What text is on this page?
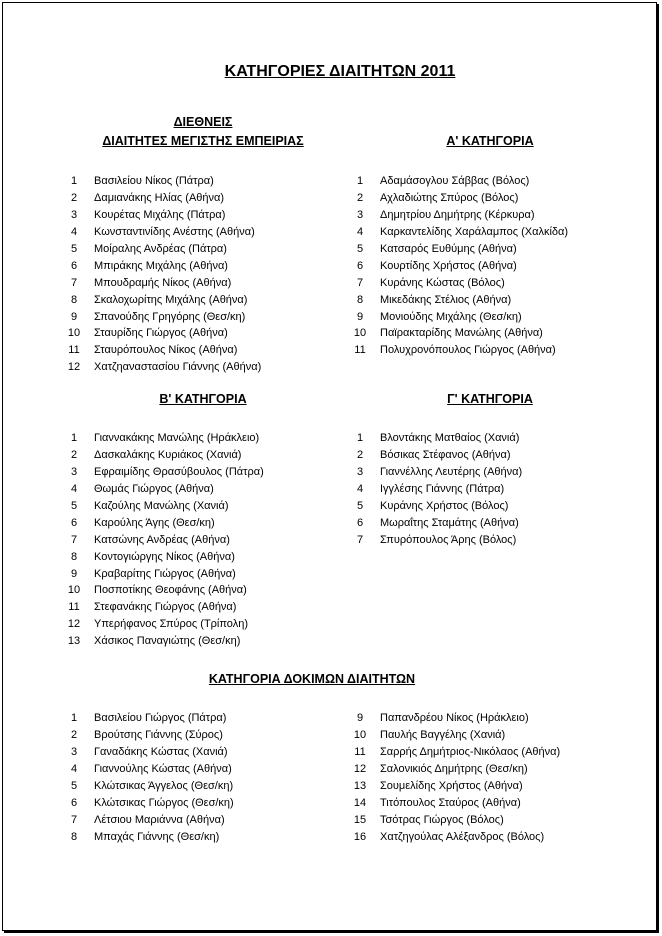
ΚΑΤΗΓΟΡΙΕΣ ΔΙΑΙΤΗΤΩΝ 2011
ΔΙΕΘΝΕΙΣ
ΔΙΑΙΤΗΤΕΣ ΜΕΓΙΣΤΗΣ ΕΜΠΕΙΡΙΑΣ	Α' ΚΑΤΗΓΟΡΙΑ
1	Βασιλείου Νίκος (Πάτρα)
2	Δαμιανάκης Ηλίας (Αθήνα)
3	Κουρέτας Μιχάλης (Πάτρα)
4	Κωνσταντινίδης Ανέστης (Αθήνα)
5	Μοίραλης Ανδρέας (Πάτρα)
6	Μπιράκης Μιχάλης (Αθήνα)
7	Μπουδραμής Νίκος (Αθήνα)
8	Σκαλοχωρίτης Μιχάλης (Αθήνα)
9	Σπανούδης Γρηγόρης (Θεσ/κη)
10	Σταυρίδης Γιώργος (Αθήνα)
11	Σταυρόπουλος Νίκος (Αθήνα)
12	Χατζηαναστασίου Γιάννης (Αθήνα)
1	Αδαμάσογλου Σάββας (Βόλος)
2	Αχλαδιώτης Σπύρος (Βόλος)
3	Δημητρίου Δημήτρης (Κέρκυρα)
4	Καρκαντελίδης Χαράλαμπος (Χαλκίδα)
5	Κατσαρός Ευθύμης (Αθήνα)
6	Κουρτίδης Χρήστος (Αθήνα)
7	Κυράνης Κώστας (Βόλος)
8	Μικεδάκης Στέλιος (Αθήνα)
9	Μονιούδης Μιχάλης (Θεσ/κη)
10	Παϊρακταρίδης Μανώλης (Αθήνα)
11	Πολυχρονόπουλος Γιώργος (Αθήνα)
Β' ΚΑΤΗΓΟΡΙΑ	Γ' ΚΑΤΗΓΟΡΙΑ
1	Γιαννακάκης Μανώλης (Ηράκλειο)
2	Δασκαλάκης Κυριάκος (Χανιά)
3	Εφραιμίδης Θρασύβουλος (Πάτρα)
4	Θωμάς Γιώργος (Αθήνα)
5	Καζούλης Μανώλης (Χανιά)
6	Καρούλης Άγης (Θεσ/κη)
7	Κατσώνης Ανδρέας (Αθήνα)
8	Κοντογιώργης Νίκος (Αθήνα)
9	Κραβαρίτης Γιώργος (Αθήνα)
10	Ποσποτίκης Θεοφάνης (Αθήνα)
11	Στεφανάκης Γιώργος (Αθήνα)
12	Υπερήφανος Σπύρος (Τρίπολη)
13	Χάσικος Παναγιώτης (Θεσ/κη)
1	Βλοντάκης Ματθαίος (Χανιά)
2	Βόσικας Στέφανος (Αθήνα)
3	Γιαννέλλης Λευτέρης (Αθήνα)
4	Ιγγλέσης Γιάννης (Πάτρα)
5	Κυράνης Χρήστος (Βόλος)
6	Μωραΐτης Σταμάτης (Αθήνα)
7	Σπυρόπουλος Άρης (Βόλος)
ΚΑΤΗΓΟΡΙΑ ΔΟΚΙΜΩΝ ΔΙΑΙΤΗΤΩΝ
1	Βασιλείου Γιώργος (Πάτρα)
2	Βρούτσης Γιάννης (Σύρος)
3	Γαναδάκης Κώστας (Χανιά)
4	Γιαννούλης Κώστας (Αθήνα)
5	Κλώτσικας Άγγελος (Θεσ/κη)
6	Κλώτσικας Γιώργος (Θεσ/κη)
7	Λέτσιου Μαριάννα (Αθήνα)
8	Μπαχάς Γιάννης (Θεσ/κη)
9	Παπανδρέου Νίκος (Ηράκλειο)
10	Παυλής Βαγγέλης (Χανιά)
11	Σαρρής Δημήτριος-Νικόλαος (Αθήνα)
12	Σαλονικιός Δημήτρης (Θεσ/κη)
13	Σουμελίδης Χρήστος (Αθήνα)
14	Τιτόπουλος Σταύρος (Αθήνα)
15	Τσότρας Γιώργος (Βόλος)
16	Χατζηγούλας Αλέξανδρος (Βόλος)
